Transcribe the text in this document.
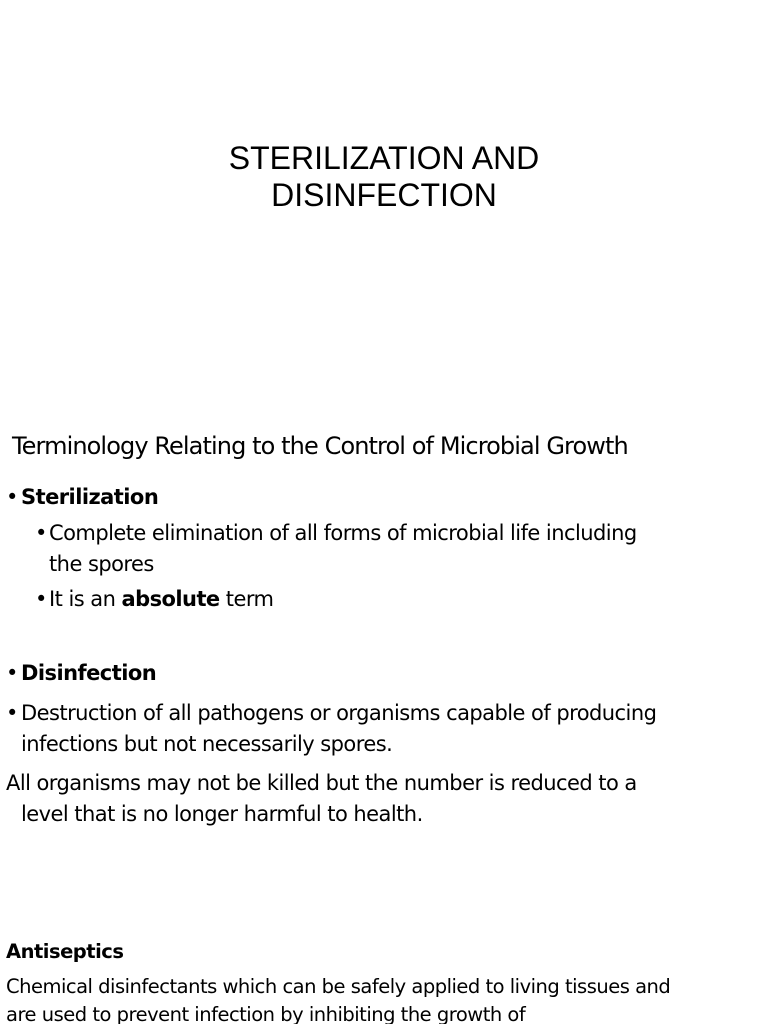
STERILIZATION AND
DISINFECTION
Terminology Relating to the Control of Microbial Growth
• Sterilization
• Complete elimination of all forms of microbial life including
the spores
• It is an absolute term
• Disinfection
• Destruction of all pathogens or organisms capable of producing
infections but not necessarily spores.
All organisms may not be killed but the number is reduced to a
level that is no longer harmful to health.
Antiseptics
Chemical disinfectants which can be safely applied to living tissues and
are used to prevent infection by inhibiting the growth of
